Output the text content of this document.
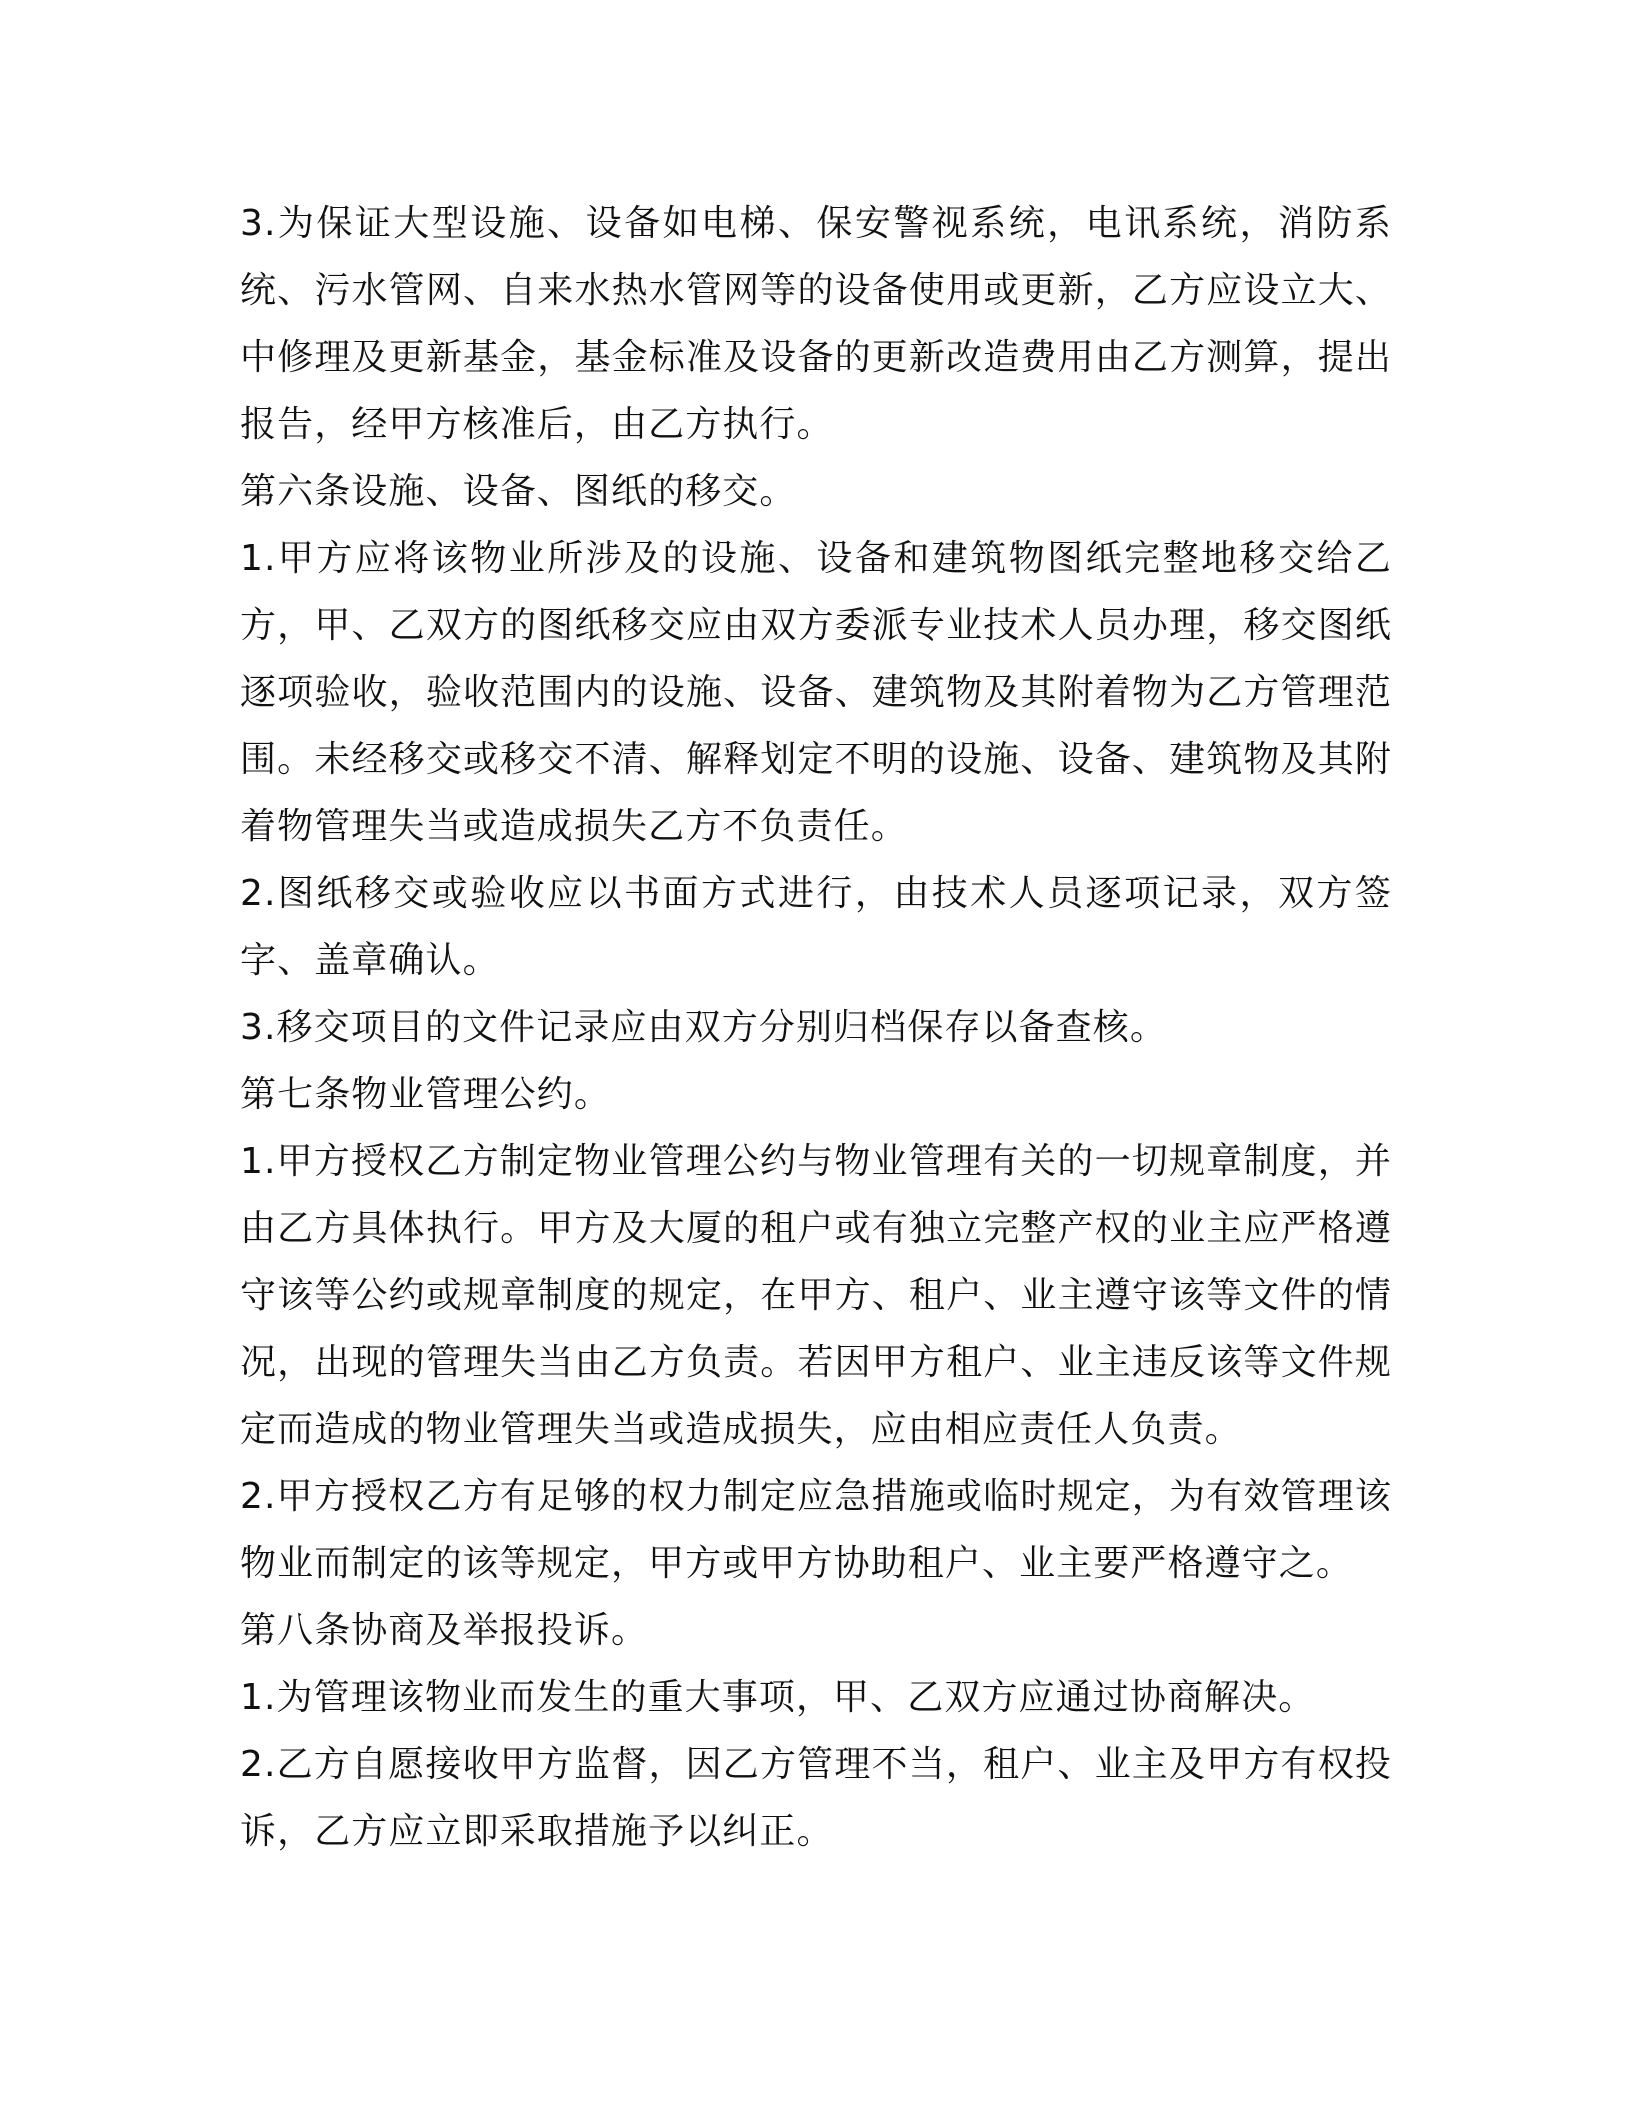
3.为保证大型设施、设备如电梯、保安警视系统，电讯系统，消防系统、污水管网、自来水热水管网等的设备使用或更新，乙方应设立大、中修理及更新基金，基金标准及设备的更新改造费用由乙方测算，提出报告，经甲方核准后，由乙方执行。

第六条设施、设备、图纸的移交。

1.甲方应将该物业所涉及的设施、设备和建筑物图纸完整地移交给乙方，甲、乙双方的图纸移交应由双方委派专业技术人员办理，移交图纸逐项验收，验收范围内的设施、设备、建筑物及其附着物为乙方管理范围。未经移交或移交不清、解释划定不明的设施、设备、建筑物及其附着物管理失当或造成损失乙方不负责任。

2.图纸移交或验收应以书面方式进行，由技术人员逐项记录，双方签字、盖章确认。

3.移交项目的文件记录应由双方分别归档保存以备查核。

第七条物业管理公约。

1.甲方授权乙方制定物业管理公约与物业管理有关的一切规章制度，并由乙方具体执行。甲方及大厦的租户或有独立完整产权的业主应严格遵守该等公约或规章制度的规定，在甲方、租户、业主遵守该等文件的情况，出现的管理失当由乙方负责。若因甲方租户、业主违反该等文件规定而造成的物业管理失当或造成损失，应由相应责任人负责。

2.甲方授权乙方有足够的权力制定应急措施或临时规定，为有效管理该物业而制定的该等规定，甲方或甲方协助租户、业主要严格遵守之。

第八条协商及举报投诉。

1.为管理该物业而发生的重大事项，甲、乙双方应通过协商解决。

2.乙方自愿接收甲方监督，因乙方管理不当，租户、业主及甲方有权投诉，乙方应立即采取措施予以纠正。
